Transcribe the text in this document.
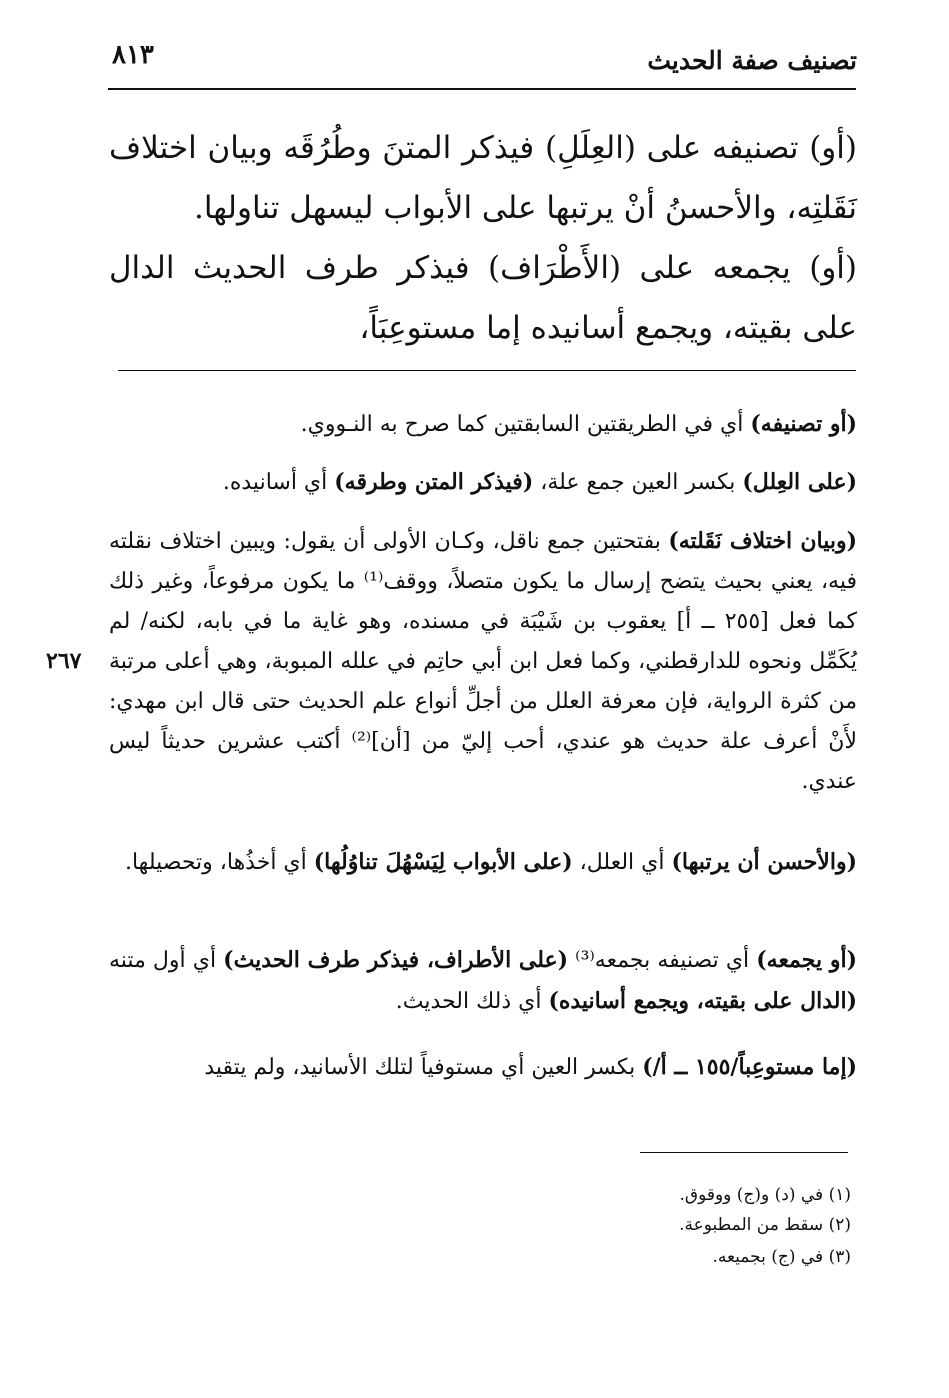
تصنيف صفة الحديث
٨١٣

(أو) تصنيفه على (العِلَلِ) فيذكر المتنَ وطُرُقَه وبيان اختلاف نَقَلتِه، والأحسنُ أنْ يرتبها على الأبواب ليسهل تناولها.

(أو) يجمعه على (الأَطْرَاف) فيذكر طرف الحديث الدال على بقيته، ويجمع أسانيده إما مستوعِبَاً،

(أو تصنيفه) أي في الطريقتين السابقتين كما صرح به النـووي.

(على العِلل) بكسر العين جمع علة، (فيذكر المتن وطرقه) أي أسانيده.

(وبيان اختلاف نَقَلته) بفتحتين جمع ناقل، وكـان الأولى أن يقول: ويبين اختلاف نقلته فيه، يعني بحيث يتضح إرسال ما يكون متصلاً، ووقف⁽¹⁾ ما يكون مرفوعاً، وغير ذلك كما فعل [٢٥٥ ــ أ] يعقوب بن شَيْبَة في مسنده، وهو غاية ما في بابه، لكنه/ لم يُكَمِّل ونحوه للدارقطني، وكما فعل ابن أبي حاتِم في علله المبوبة، وهي أعلى مرتبة من كثرة الرواية، فإن معرفة العلل من أجلِّ أنواع علم الحديث حتى قال ابن مهدي: لأَنْ أعرف علة حديث هو عندي، أحب إليّ من [أن]⁽²⁾ أكتب عشرين حديثاً ليس عندي.

٢٦٧

(والأحسن أن يرتبها) أي العلل، (على الأبواب لِيَسْهُلَ تناوُلُها) أي أخذُها، وتحصيلها.

(أو يجمعه) أي تصنيفه بجمعه⁽³⁾ (على الأطراف، فيذكر طرف الحديث) أي أول متنه (الدال على بقيته، ويجمع أسانيده) أي ذلك الحديث.

(إما مستوعِباً/١٥٥ ــ أ/) بكسر العين أي مستوفياً لتلك الأسانيد، ولم يتقيد

(١) في (د) و(ج) ووقوق.

(٢) سقط من المطبوعة.

(٣) في (ج) بجميعه.
